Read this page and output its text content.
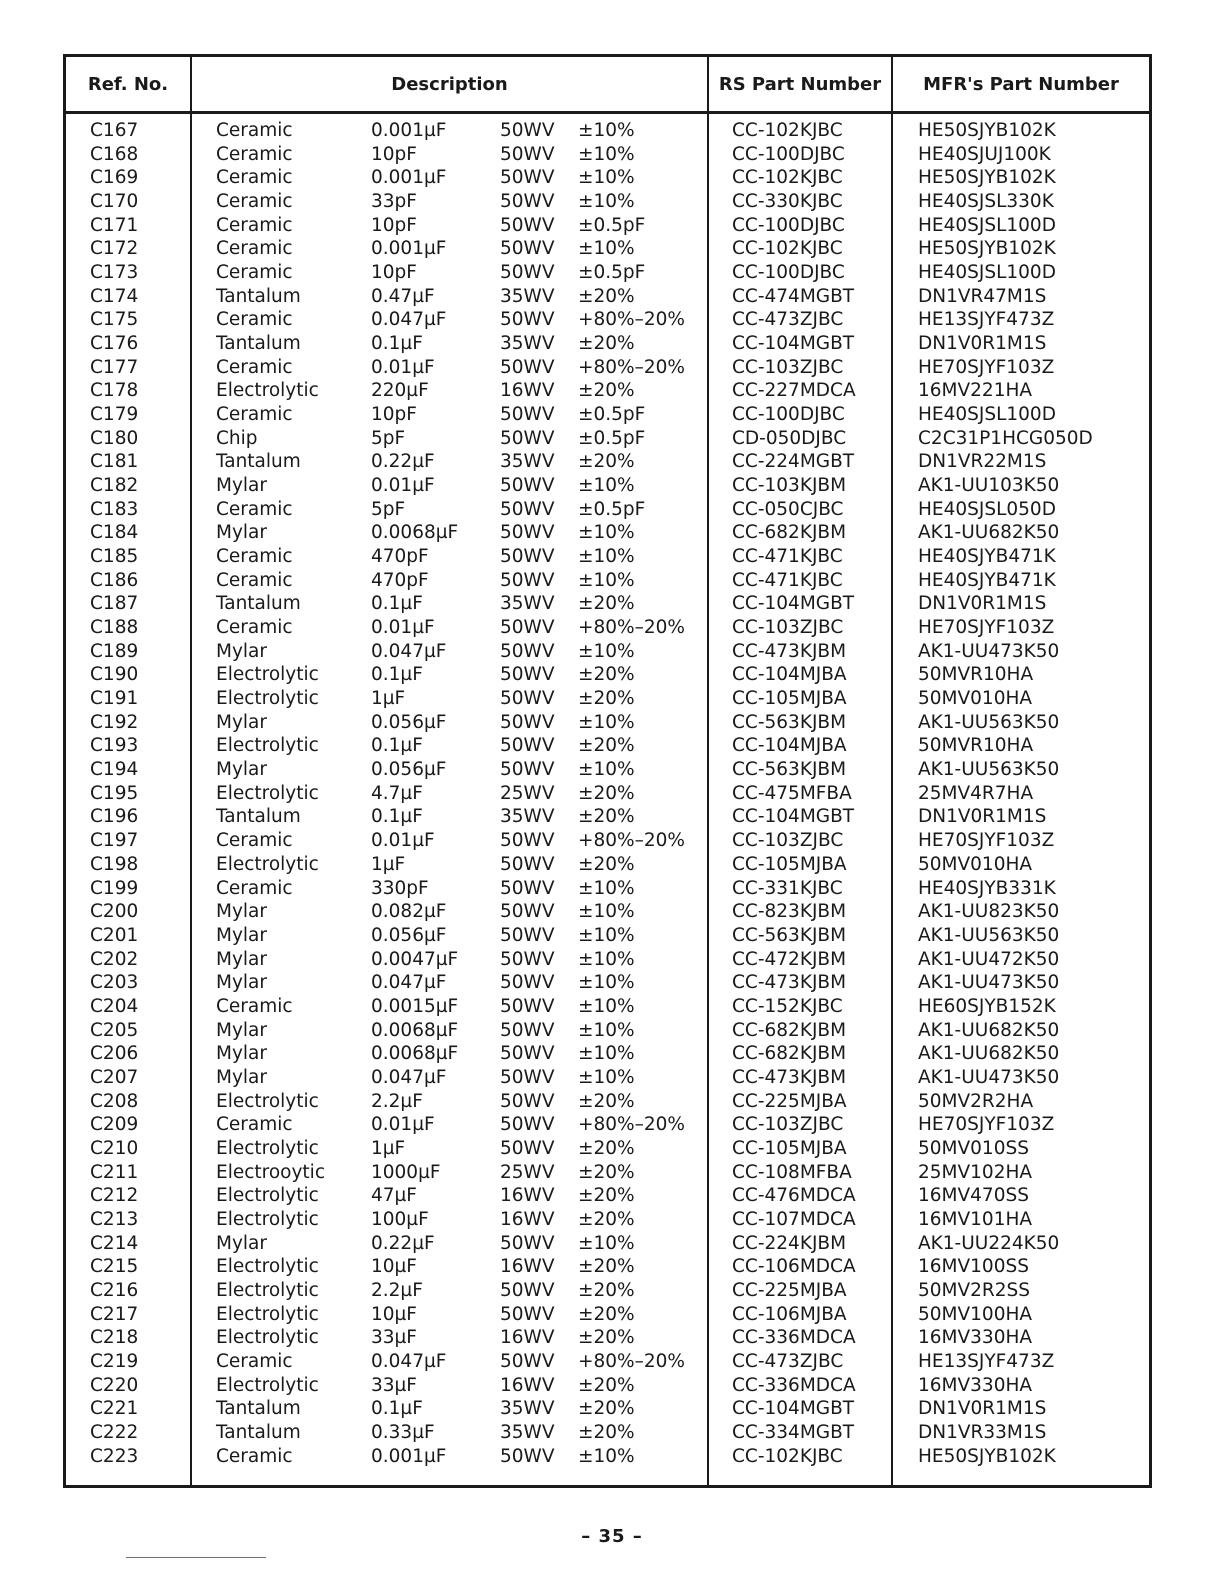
Ref. No.	Description	RS Part Number	MFR's Part Number
C167	Ceramic	0.001µF	50WV ±10%	CC-102KJBC	HE50SJYB102K
C168	Ceramic	10pF	50WV ±10%	CC-100DJBC	HE40SJUJ100K
C169	Ceramic	0.001µF	50WV ±10%	CC-102KJBC	HE50SJYB102K
C170	Ceramic	33pF	50WV ±10%	CC-330KJBC	HE40SJSL330K
C171	Ceramic	10pF	50WV ±0.5pF	CC-100DJBC	HE40SJSL100D
C172	Ceramic	0.001µF	50WV ±10%	CC-102KJBC	HE50SJYB102K
C173	Ceramic	10pF	50WV ±0.5pF	CC-100DJBC	HE40SJSL100D
C174	Tantalum	0.47µF	35WV ±20%	CC-474MGBT	DN1VR47M1S
C175	Ceramic	0.047µF	50WV +80%–20%	CC-473ZJBC	HE13SJYF473Z
C176	Tantalum	0.1µF	35WV ±20%	CC-104MGBT	DN1V0R1M1S
C177	Ceramic	0.01µF	50WV +80%–20%	CC-103ZJBC	HE70SJYF103Z
C178	Electrolytic	220µF	16WV ±20%	CC-227MDCA	16MV221HA
C179	Ceramic	10pF	50WV ±0.5pF	CC-100DJBC	HE40SJSL100D
C180	Chip	5pF	50WV ±0.5pF	CD-050DJBC	C2C31P1HCG050D
C181	Tantalum	0.22µF	35WV ±20%	CC-224MGBT	DN1VR22M1S
C182	Mylar	0.01µF	50WV ±10%	CC-103KJBM	AK1-UU103K50
C183	Ceramic	5pF	50WV ±0.5pF	CC-050CJBC	HE40SJSL050D
C184	Mylar	0.0068µF 50WV ±10%	CC-682KJBM	AK1-UU682K50
C185	Ceramic	470pF	50WV ±10%	CC-471KJBC	HE40SJYB471K
C186	Ceramic	470pF	50WV ±10%	CC-471KJBC	HE40SJYB471K
C187	Tantalum	0.1µF	35WV ±20%	CC-104MGBT	DN1V0R1M1S
C188	Ceramic	0.01µF	50WV +80%–20%	CC-103ZJBC	HE70SJYF103Z
C189	Mylar	0.047µF	50WV ±10%	CC-473KJBM	AK1-UU473K50
C190	Electrolytic	0.1µF	50WV ±20%	CC-104MJBA	50MVR10HA
C191	Electrolytic	1µF	50WV ±20%	CC-105MJBA	50MV010HA
C192	Mylar	0.056µF	50WV ±10%	CC-563KJBM	AK1-UU563K50
C193	Electrolytic	0.1µF	50WV ±20%	CC-104MJBA	50MVR10HA
C194	Mylar	0.056µF	50WV ±10%	CC-563KJBM	AK1-UU563K50
C195	Electrolytic	4.7µF	25WV ±20%	CC-475MFBA	25MV4R7HA
C196	Tantalum	0.1µF	35WV ±20%	CC-104MGBT	DN1V0R1M1S
C197	Ceramic	0.01µF	50WV +80%–20%	CC-103ZJBC	HE70SJYF103Z
C198	Electrolytic	1µF	50WV ±20%	CC-105MJBA	50MV010HA
C199	Ceramic	330pF	50WV ±10%	CC-331KJBC	HE40SJYB331K
C200	Mylar	0.082µF	50WV ±10%	CC-823KJBM	AK1-UU823K50
C201	Mylar	0.056µF	50WV ±10%	CC-563KJBM	AK1-UU563K50
C202	Mylar	0.0047µF 50WV ±10%	CC-472KJBM	AK1-UU472K50
C203	Mylar	0.047µF	50WV ±10%	CC-473KJBM	AK1-UU473K50
C204	Ceramic	0.0015µF 50WV ±10%	CC-152KJBC	HE60SJYB152K
C205	Mylar	0.0068µF 50WV ±10%	CC-682KJBM	AK1-UU682K50
C206	Mylar	0.0068µF 50WV ±10%	CC-682KJBM	AK1-UU682K50
C207	Mylar	0.047µF	50WV ±10%	CC-473KJBM	AK1-UU473K50
C208	Electrolytic	2.2µF	50WV ±20%	CC-225MJBA	50MV2R2HA
C209	Ceramic	0.01µF	50WV +80%–20%	CC-103ZJBC	HE70SJYF103Z
C210	Electrolytic	1µF	50WV ±20%	CC-105MJBA	50MV010SS
C211	Electrooytic 1000µF	25WV ±20%	CC-108MFBA	25MV102HA
C212	Electrolytic	47µF	16WV ±20%	CC-476MDCA	16MV470SS
C213	Electrolytic	100µF	16WV ±20%	CC-107MDCA	16MV101HA
C214	Mylar	0.22µF	50WV ±10%	CC-224KJBM	AK1-UU224K50
C215	Electrolytic	10µF	16WV ±20%	CC-106MDCA	16MV100SS
C216	Electrolytic	2.2µF	50WV ±20%	CC-225MJBA	50MV2R2SS
C217	Electrolytic	10µF	50WV ±20%	CC-106MJBA	50MV100HA
C218	Electrolytic	33µF	16WV ±20%	CC-336MDCA	16MV330HA
C219	Ceramic	0.047µF	50WV +80%–20%	CC-473ZJBC	HE13SJYF473Z
C220	Electrolytic	33µF	16WV ±20%	CC-336MDCA	16MV330HA
C221	Tantalum	0.1µF	35WV ±20%	CC-104MGBT	DN1V0R1M1S
C222	Tantalum	0.33µF	35WV ±20%	CC-334MGBT	DN1VR33M1S
C223	Ceramic	0.001µF	50WV ±10%	CC-102KJBC	HE50SJYB102K
– 35 –
